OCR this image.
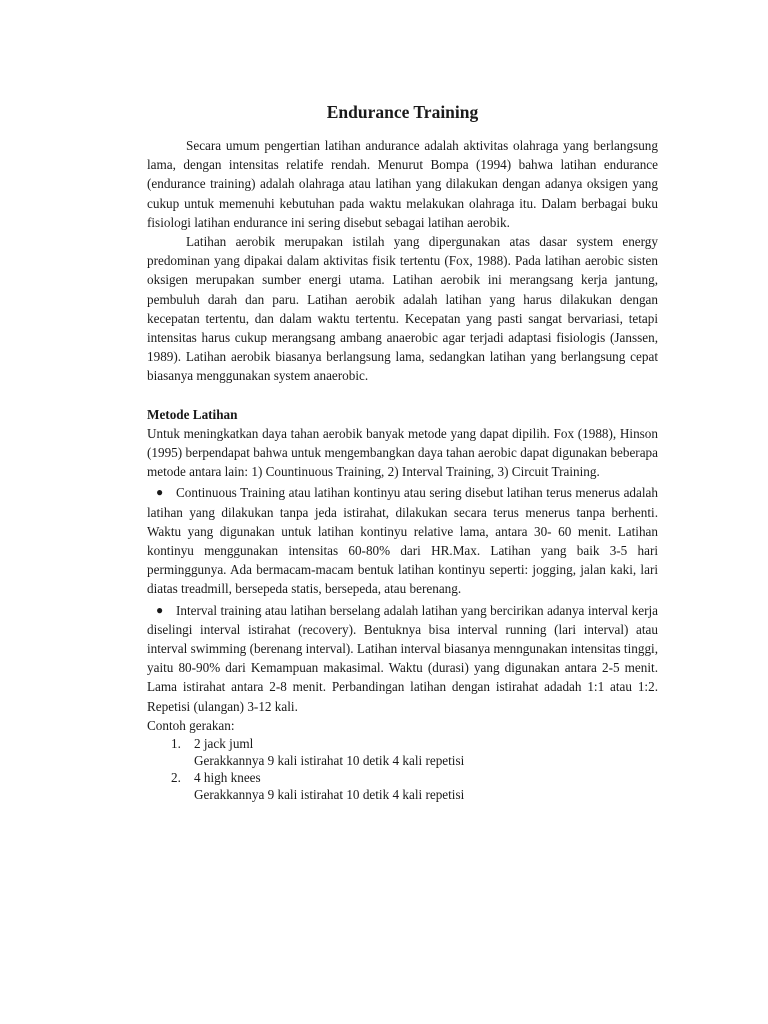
Endurance Training

Secara umum pengertian latihan andurance adalah aktivitas olahraga yang berlangsung lama, dengan intensitas relatife rendah. Menurut Bompa (1994) bahwa latihan endurance (endurance training) adalah olahraga atau latihan yang dilakukan dengan adanya oksigen yang cukup untuk memenuhi kebutuhan pada waktu melakukan olahraga itu. Dalam berbagai buku fisiologi latihan endurance ini sering disebut sebagai latihan aerobik.

Latihan aerobik merupakan istilah yang dipergunakan atas dasar system energy predominan yang dipakai dalam aktivitas fisik tertentu (Fox, 1988). Pada latihan aerobic sisten oksigen merupakan sumber energi utama. Latihan aerobik ini merangsang kerja jantung, pembuluh darah dan paru. Latihan aerobik adalah latihan yang harus dilakukan dengan kecepatan tertentu, dan dalam waktu tertentu. Kecepatan yang pasti sangat bervariasi, tetapi intensitas harus cukup merangsang ambang anaerobic agar terjadi adaptasi fisiologis (Janssen, 1989). Latihan aerobik biasanya berlangsung lama, sedangkan latihan yang berlangsung cepat biasanya menggunakan system anaerobic.

Metode Latihan

Untuk meningkatkan daya tahan aerobik banyak metode yang dapat dipilih. Fox (1988), Hinson (1995) berpendapat bahwa untuk mengembangkan daya tahan aerobic dapat digunakan beberapa metode antara lain: 1) Countinuous Training, 2) Interval Training, 3) Circuit Training.

● Continuous Training atau latihan kontinyu atau sering disebut latihan terus menerus adalah latihan yang dilakukan tanpa jeda istirahat, dilakukan secara terus menerus tanpa berhenti. Waktu yang digunakan untuk latihan kontinyu relative lama, antara 30- 60 menit. Latihan kontinyu menggunakan intensitas 60-80% dari HR.Max. Latihan yang baik 3-5 hari perminggunya. Ada bermacam-macam bentuk latihan kontinyu seperti: jogging, jalan kaki, lari diatas treadmill, bersepeda statis, bersepeda, atau berenang.
● Interval training atau latihan berselang adalah latihan yang bercirikan adanya interval kerja diselingi interval istirahat (recovery). Bentuknya bisa interval running (lari interval) atau interval swimming (berenang interval). Latihan interval biasanya menngunakan intensitas tinggi, yaitu 80-90% dari Kemampuan makasimal. Waktu (durasi) yang digunakan antara 2-5 menit. Lama istirahat antara 2-8 menit. Perbandingan latihan dengan istirahat adadah 1:1 atau 1:2. Repetisi (ulangan) 3-12 kali.

Contoh gerakan:

1. 2 jack juml
Gerakkannya 9 kali istirahat 10 detik 4 kali repetisi
2. 4 high knees
Gerakkannya 9 kali istirahat 10 detik 4 kali repetisi
